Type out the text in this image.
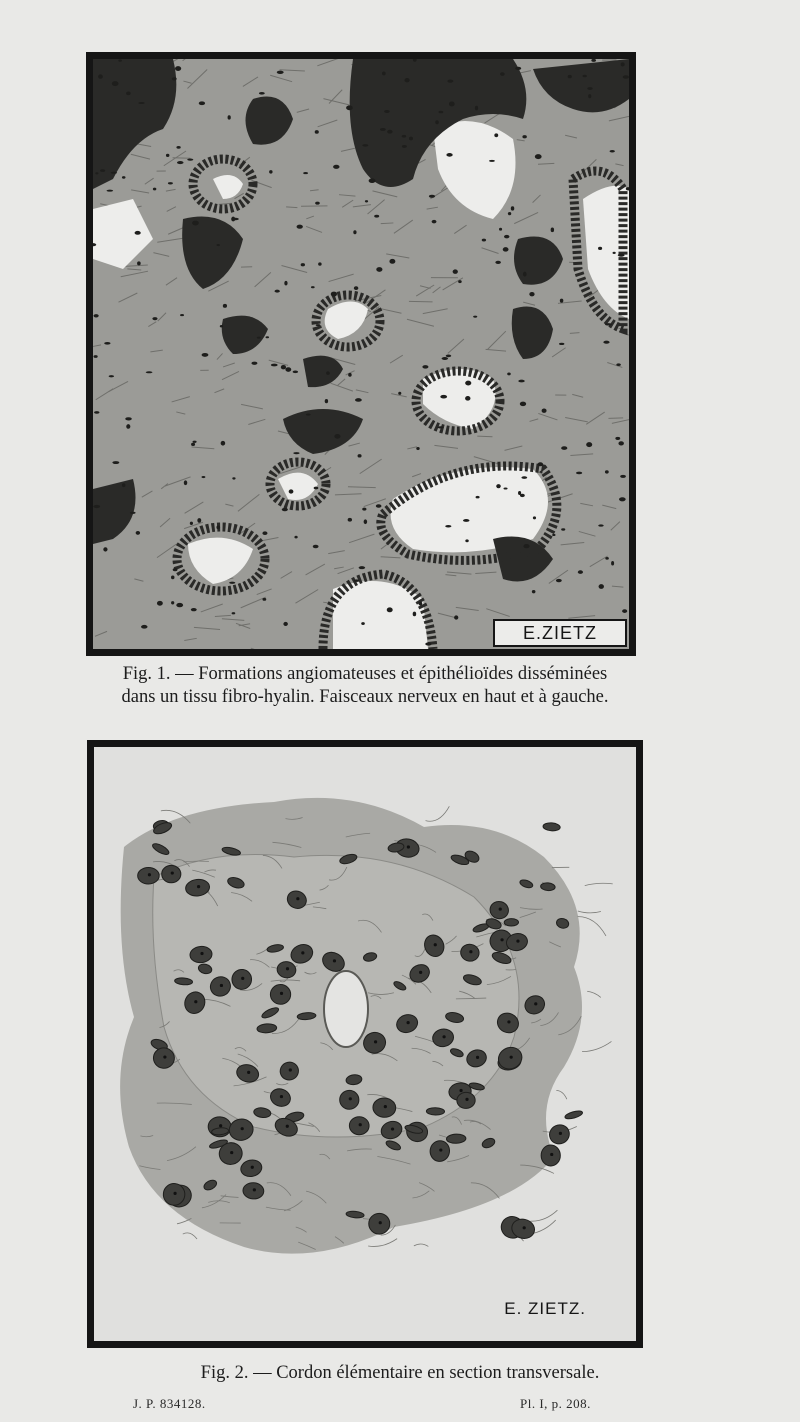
E.ZIETZ
Fig. 1. — Formations angiomateuses et épithélioïdes disséminées
dans un tissu fibro-hyalin. Faisceaux nerveux en haut et à gauche.
E. ZIETZ.
Fig. 2. — Cordon élémentaire en section transversale.
J. P. 834128.	Pl. I, p. 208.
